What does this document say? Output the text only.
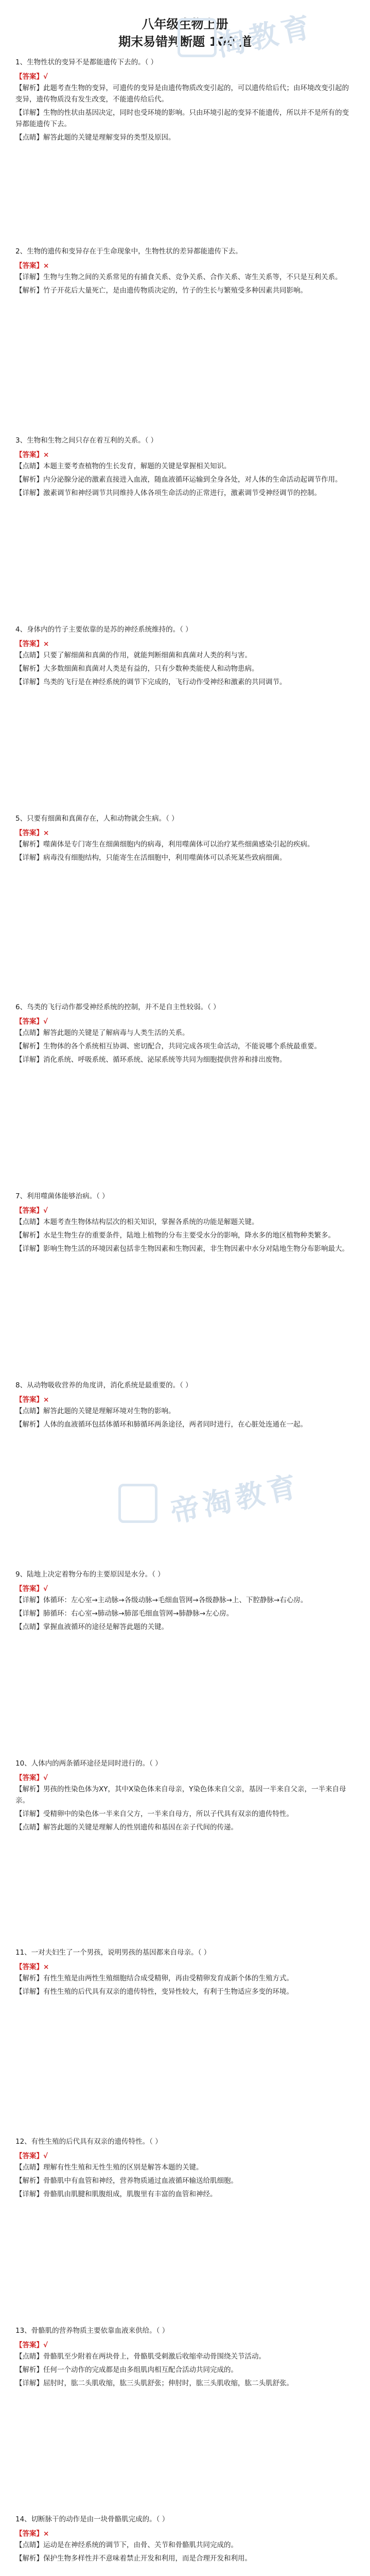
淘教育
帝淘教育
八年级生物上册
期末易错判断题 100 道

1、生物性状的变异不是都能遗传下去的。（ ）

【答案】√

【解析】此题考查生物的变异，可遗传的变异是由遗传物质改变引起的，可以遗传给后代；由环境改变引起的变异，遗传物质没有发生改变，不能遗传给后代。

【详解】生物的性状由基因决定，同时也受环境的影响。只由环境引起的变异不能遗传，所以并不是所有的变异都能遗传下去。

【点睛】解答此题的关键是理解变异的类型及原因。

2、生物的遗传和变异存在于生命现象中，生物性状的差异都能遗传下去。

【答案】×

【详解】生物与生物之间的关系常见的有捕食关系、竞争关系、合作关系、寄生关系等，不只是互利关系。

【解析】竹子开花后大量死亡，是由遗传物质决定的，竹子的生长与繁殖受多种因素共同影响。

3、生物和生物之间只存在着互利的关系。（ ）

【答案】×

【点睛】本题主要考查植物的生长发育，解题的关键是掌握相关知识。

【解析】内分泌腺分泌的激素直接进入血液，随血液循环运输到全身各处，对人体的生命活动起调节作用。

【详解】激素调节和神经调节共同维持人体各项生命活动的正常进行，激素调节受神经调节的控制。

4、身体内的竹子主要依靠的是苏的神经系统维持的。（ ）

【答案】×

【点睛】只要了解细菌和真菌的作用，就能判断细菌和真菌对人类的利与害。

【解析】大多数细菌和真菌对人类是有益的，只有少数种类能使人和动物患病。

【详解】鸟类的飞行是在神经系统的调节下完成的，飞行动作受神经和激素的共同调节。

5、只要有细菌和真菌存在，人和动物就会生病。（ ）

【答案】×

【解析】噬菌体是专门寄生在细菌细胞内的病毒，利用噬菌体可以治疗某些细菌感染引起的疾病。

【详解】病毒没有细胞结构，只能寄生在活细胞中，利用噬菌体可以杀死某些致病细菌。

6、鸟类的飞行动作都受神经系统的控制，并不是自主性较弱。（ ）

【答案】√

【点睛】解答此题的关键是了解病毒与人类生活的关系。

【解析】生物体的各个系统相互协调、密切配合，共同完成各项生命活动，不能说哪个系统最重要。

【详解】消化系统、呼吸系统、循环系统、泌尿系统等共同为细胞提供营养和排出废物。

7、利用噬菌体能够治病。（ ）

【答案】√

【点睛】本题考查生物体结构层次的相关知识，掌握各系统的功能是解题关键。

【解析】水是生物生存的重要条件，陆地上植物的分布主要受水分的影响，降水多的地区植物种类繁多。

【详解】影响生物生活的环境因素包括非生物因素和生物因素，非生物因素中水分对陆地生物分布影响最大。

8、从动物吸收营养的角度讲，消化系统是最重要的。（ ）

【答案】×

【点睛】解答此题的关键是理解环境对生物的影响。

【解析】人体的血液循环包括体循环和肺循环两条途径，两者同时进行，在心脏处连通在一起。

9、陆地上决定着物分布的主要原因是水分。（ ）

【答案】√

【详解】体循环：左心室→主动脉→各级动脉→毛细血管网→各级静脉→上、下腔静脉→右心房。

【详解】肺循环：右心室→肺动脉→肺部毛细血管网→肺静脉→左心房。

【点睛】掌握血液循环的途径是解答此题的关键。

10、人体内的两条循环途径是同时进行的。（ ）

【答案】√

【解析】男孩的性染色体为XY，其中X染色体来自母亲，Y染色体来自父亲，基因一半来自父亲，一半来自母亲。

【详解】受精卵中的染色体一半来自父方，一半来自母方，所以子代具有双亲的遗传特性。

【点睛】解答此题的关键是理解人的性别遗传和基因在亲子代间的传递。

11、一对夫妇生了一个男孩，说明男孩的基因都来自母亲。（ ）

【答案】×

【解析】有性生殖是由两性生殖细胞结合成受精卵，再由受精卵发育成新个体的生殖方式。

【详解】有性生殖的后代具有双亲的遗传特性，变异性较大，有利于生物适应多变的环境。

12、有性生殖的后代具有双亲的遗传特性。（ ）

【答案】√

【点睛】理解有性生殖和无性生殖的区别是解答本题的关键。

【解析】骨骼肌中有血管和神经，营养物质通过血液循环输送给肌细胞。

【详解】骨骼肌由肌腱和肌腹组成，肌腹里有丰富的血管和神经。

13、骨骼肌的营养物质主要依靠血液来供给。（ ）

【答案】√

【点睛】骨骼肌至少附着在两块骨上，骨骼肌受刺激后收缩牵动骨围绕关节活动。

【解析】任何一个动作的完成都是由多组肌肉相互配合活动共同完成的。

【详解】屈肘时，肱二头肌收缩，肱三头肌舒张；伸肘时，肱三头肌收缩，肱二头肌舒张。

14、切断脉干的动作是由一块骨骼肌完成的。（ ）

【答案】×

【点睛】运动是在神经系统的调节下，由骨、关节和骨骼肌共同完成的。

【解析】保护生物多样性并不意味着禁止开发和利用，而是合理开发和利用。
